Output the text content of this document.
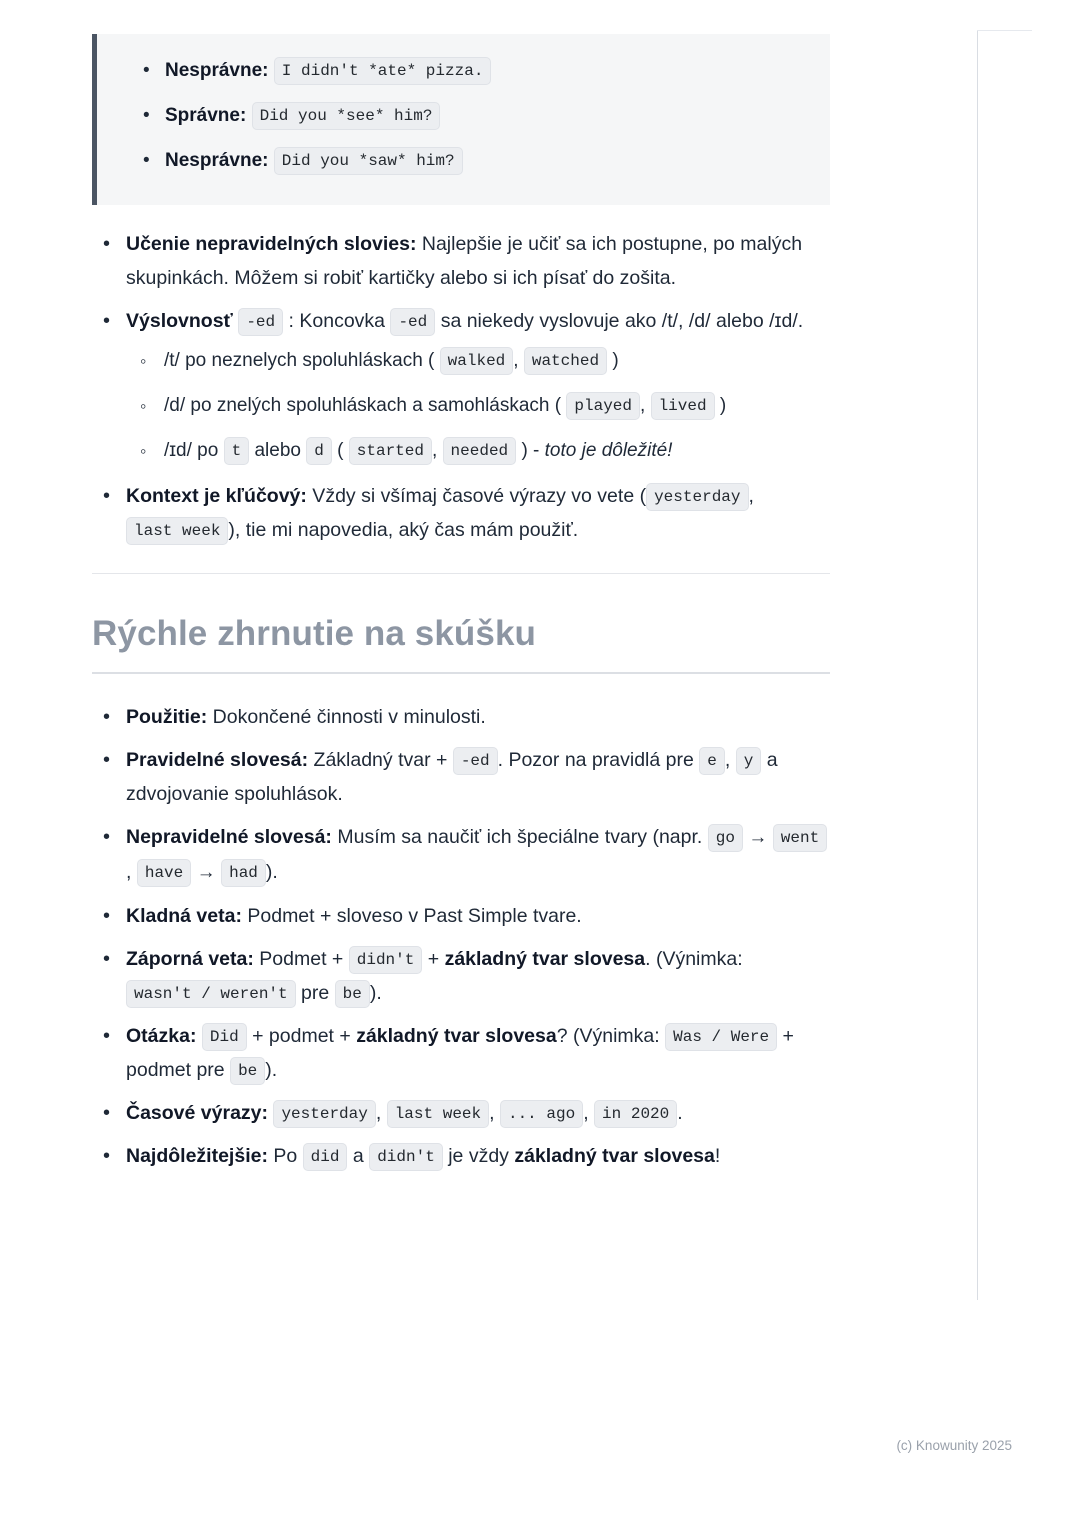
• Nesprávne: I didn't *ate* pizza.
• Správne: Did you *see* him?
• Nesprávne: Did you *saw* him?
• Učenie nepravidelných slovies: Najlepšie je učiť sa ich postupne, po malých skupinkách. Môžem si robiť kartičky alebo si ich písať do zošita.
• Výslovnosť -ed : Koncovka -ed sa niekedy vyslovuje ako /t/, /d/ alebo /ɪd/.
◦ /t/ po neznelych spoluhláskach ( walked , watched )
◦ /d/ po znelých spoluhláskach a samohláskach ( played , lived )
◦ /ɪd/ po t alebo d ( started , needed ) - toto je dôležité!
• Kontext je kľúčový: Vždy si všímaj časové výrazy vo vete ( yesterday , last week ), tie mi napovedia, aký čas mám použiť.
Rýchle zhrnutie na skúšku
• Použitie: Dokončené činnosti v minulosti.
• Pravidelné slovesá: Základný tvar + -ed . Pozor na pravidlá pre e , y a zdvojovanie spoluhlások.
• Nepravidelné slovesá: Musím sa naučiť ich špeciálne tvary (napr. go → went, have → had ).
• Kladná veta: Podmet + sloveso v Past Simple tvare.
• Záporná veta: Podmet + didn't + základný tvar slovesa. (Výnimka: wasn't / weren't pre be ).
• Otázka: Did + podmet + základný tvar slovesa? (Výnimka: Was / Were + podmet pre be ).
• Časové výrazy: yesterday , last week , ... ago , in 2020 .
• Najdôležitejšie: Po did a didn't je vždy základný tvar slovesa!
(c) Knowunity 2025
